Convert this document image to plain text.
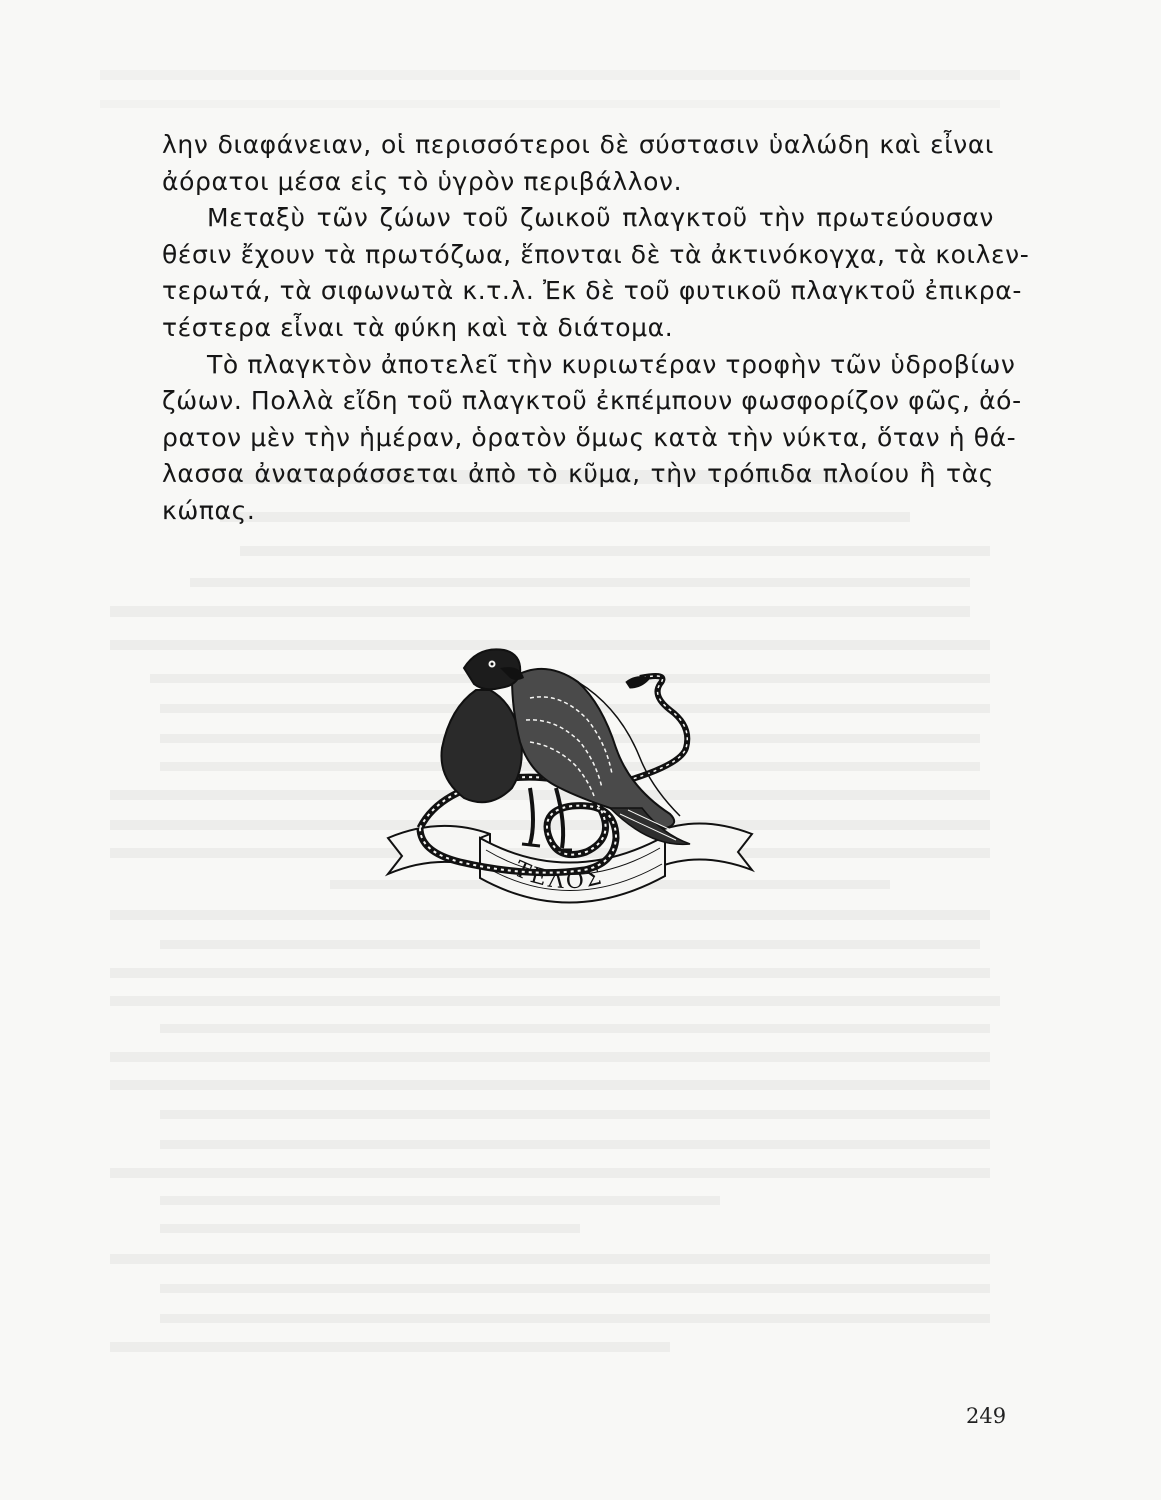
λην διαφάνειαν, οἱ περισσότεροι δὲ σύστασιν ὑαλώδη καὶ εἶναι
ἀόρατοι μέσα εἰς τὸ ὑγρὸν περιβάλλον.
Μεταξὺ τῶν ζώων τοῦ ζωικοῦ πλαγκτοῦ τὴν πρωτεύουσαν
θέσιν ἔχουν τὰ πρωτόζωα, ἕπονται δὲ τὰ ἀκτινόκογχα, τὰ κοιλεν-
τερωτά, τὰ σιφωνωτὰ κ.τ.λ. Ἐκ δὲ τοῦ φυτικοῦ πλαγκτοῦ ἐπικρα-
τέστερα εἶναι τὰ φύκη καὶ τὰ διάτομα.
Τὸ πλαγκτὸν ἀποτελεῖ τὴν κυριωτέραν τροφὴν τῶν ὑδροβίων
ζώων. Πολλὰ εἴδη τοῦ πλαγκτοῦ ἐκπέμπουν φωσφορίζον φῶς, ἀό-
ρατον μὲν τὴν ἡμέραν, ὁρατὸν ὅμως κατὰ τὴν νύκτα, ὅταν ἡ θά-
λασσα ἀναταράσσεται ἀπὸ τὸ κῦμα, τὴν τρόπιδα πλοίου ἢ τὰς
κώπας.
ΤΕΛΟΣ
249
